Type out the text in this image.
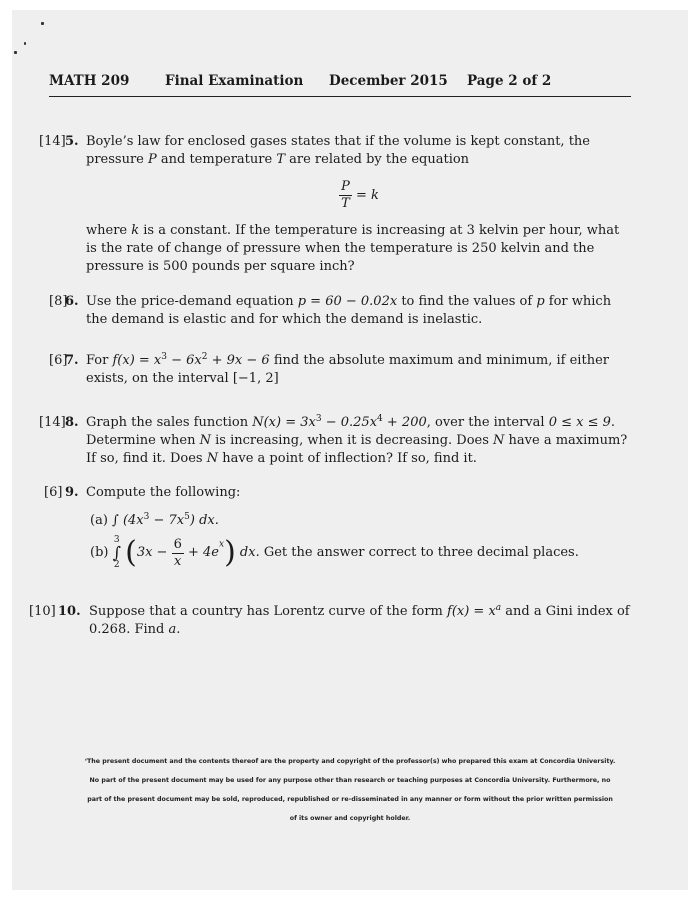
MATH 209	Final Examination December 2015 Page 2 of 2
[14] 5. Boyle’s law for enclosed gases states that if the volume is kept constant, the pressure P and temperature T are related by the equation

$\frac{P}{T} = k$

where k is a constant. If the temperature is increasing at 3 kelvin per hour, what is the rate of change of pressure when the temperature is 250 kelvin and the pressure is 500 pounds per square inch?

[8]
6. Use the price-demand equation p = 60 − 0.02x to find the values of p for which the demand is elastic and for which the demand is inelastic.

[6]
7. For $f(x) = x^3 - 6x^2 + 9x - 6$ find the absolute maximum and minimum, if either exists, on the interval [−1, 2]

[14] 8. Graph the sales function $N(x) = 3x^3 - 0.25x^4 + 200$, over the interval 0 ≤ x ≤ 9. Determine when N is increasing, when it is decreasing. Does N have a maximum? If so, find it. Does N have a point of inflection? If so, find it.

[6] 9. Compute the following:

(a) ∫ $(4x^3 - 7x^5)$ dx.

(b) 3
∫
2 $(3x - \frac{6}{x} + 4e^x)$ dx. Get the answer correct to three decimal places.

[10] 10. Suppose that a country has Lorentz curve of the form $f(x) = x^a$ and a Gini index of 0.268. Find a.

‘The present document and the contents thereof are the property and copyright of the professor(s) who prepared this exam at Concordia University.
No part of the present document may be used for any purpose other than research or teaching purposes at Concordia University. Furthermore, no
part of the present document may be sold, reproduced, republished or re-disseminated in any manner or form without the prior written permission
of its owner and copyright holder.
